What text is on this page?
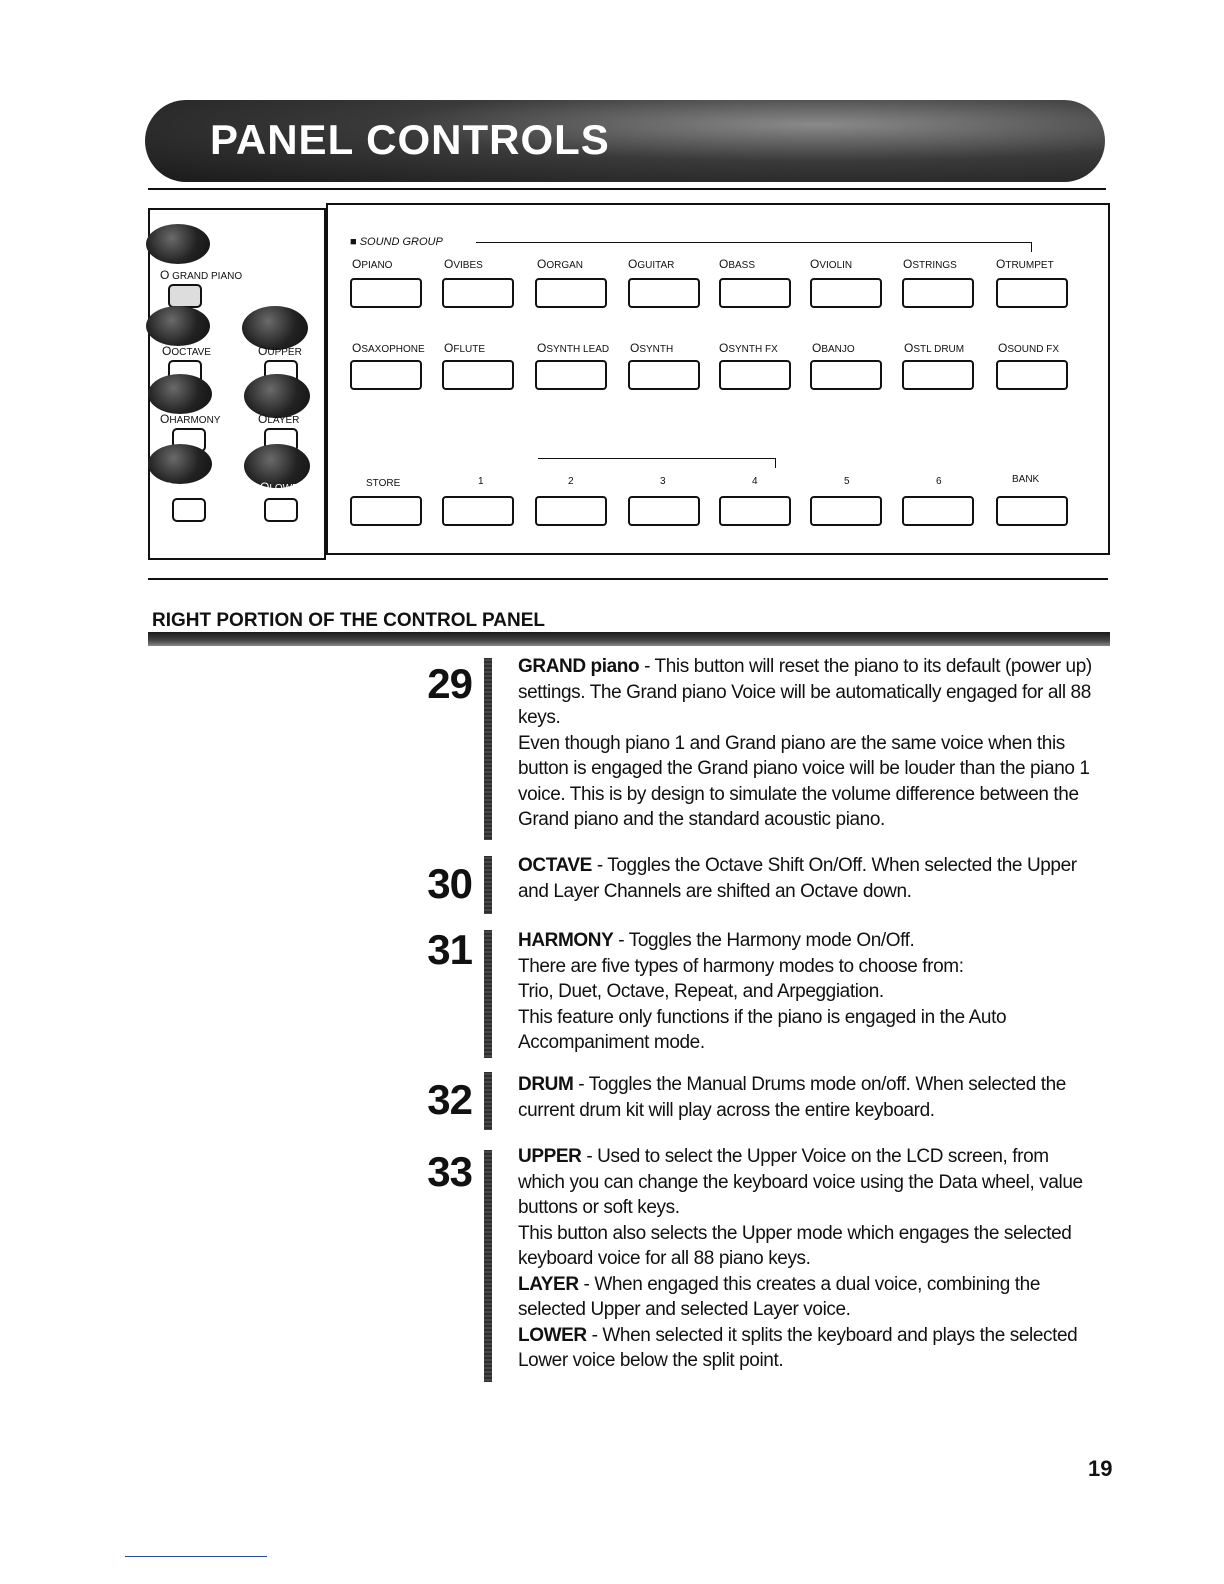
PANEL CONTROLS
O GRAND PIANO
OOCTAVE	OUPPER
OHARMONY	OLAYER
ODRUM	OLOWER
■ SOUND GROUP
OPIANO	OVIBES	OORGAN	OGUITAR	OBASS	OVIOLIN	OSTRINGS	OTRUMPET
OSAXOPHONE OFLUTE	OSYNTH LEAD OSYNTH	OSYNTH FX	OBANJO	OSTL DRUM	OSOUND FX
STORE	1	2	3	4	5	6	BANK
RIGHT PORTION OF THE CONTROL PANEL
29 GRAND piano - This button will reset the piano to its default (power up) settings. The Grand piano Voice will be automatically engaged for all 88 keys.

Even though piano 1 and Grand piano are the same voice when this button is engaged the Grand piano voice will be louder than the piano 1 voice. This is by design to simulate the volume difference between the Grand piano and the standard acoustic piano.

30 OCTAVE - Toggles the Octave Shift On/Off. When selected the Upper and Layer Channels are shifted an Octave down.

31 HARMONY - Toggles the Harmony mode On/Off.

There are five types of harmony modes to choose from:

Trio, Duet, Octave, Repeat, and Arpeggiation.

This feature only functions if the piano is engaged in the Auto Accompaniment mode.

32 DRUM - Toggles the Manual Drums mode on/off. When selected the current drum kit will play across the entire keyboard.

33 UPPER - Used to select the Upper Voice on the LCD screen, from which you can change the keyboard voice using the Data wheel, value buttons or soft keys.

This button also selects the Upper mode which engages the selected keyboard voice for all 88 piano keys.

LAYER - When engaged this creates a dual voice, combining the selected Upper and selected Layer voice.

LOWER - When selected it splits the keyboard and plays the selected Lower voice below the split point.

19
